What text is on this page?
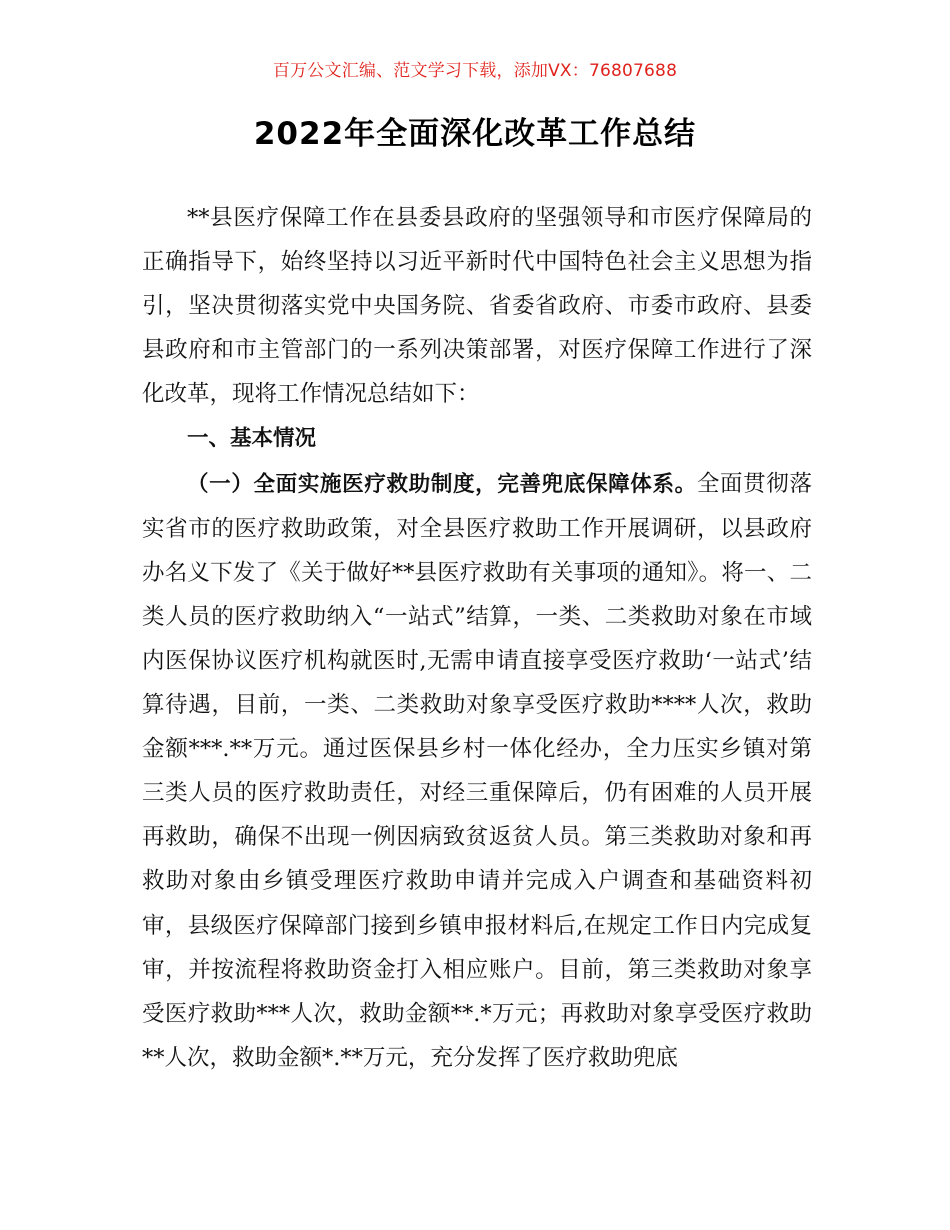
百万公文汇编、范文学习下载，添加VX：76807688
2022年全面深化改革工作总结

**县医疗保障工作在县委县政府的坚强领导和市医疗保障局的正确指导下，始终坚持以习近平新时代中国特色社会主义思想为指引，坚决贯彻落实党中央国务院、省委省政府、市委市政府、县委县政府和市主管部门的一系列决策部署，对医疗保障工作进行了深化改革，现将工作情况总结如下：

一、基本情况

（一）全面实施医疗救助制度，完善兜底保障体系。全面贯彻落实省市的医疗救助政策，对全县医疗救助工作开展调研，以县政府办名义下发了《关于做好**县医疗救助有关事项的通知》。将一、二类人员的医疗救助纳入“一站式”结算，一类、二类救助对象在市域内医保协议医疗机构就医时,无需申请直接享受医疗救助‘一站式’结算待遇，目前，一类、二类救助对象享受医疗救助****人次，救助金额***.**万元。通过医保县乡村一体化经办，全力压实乡镇对第三类人员的医疗救助责任，对经三重保障后，仍有困难的人员开展再救助，确保不出现一例因病致贫返贫人员。第三类救助对象和再救助对象由乡镇受理医疗救助申请并完成入户调查和基础资料初审，县级医疗保障部门接到乡镇申报材料后,在规定工作日内完成复审，并按流程将救助资金打入相应账户。目前，第三类救助对象享受医疗救助***人次，救助金额**.*万元；再救助对象享受医疗救助**人次，救助金额*.**万元，充分发挥了医疗救助兜底
